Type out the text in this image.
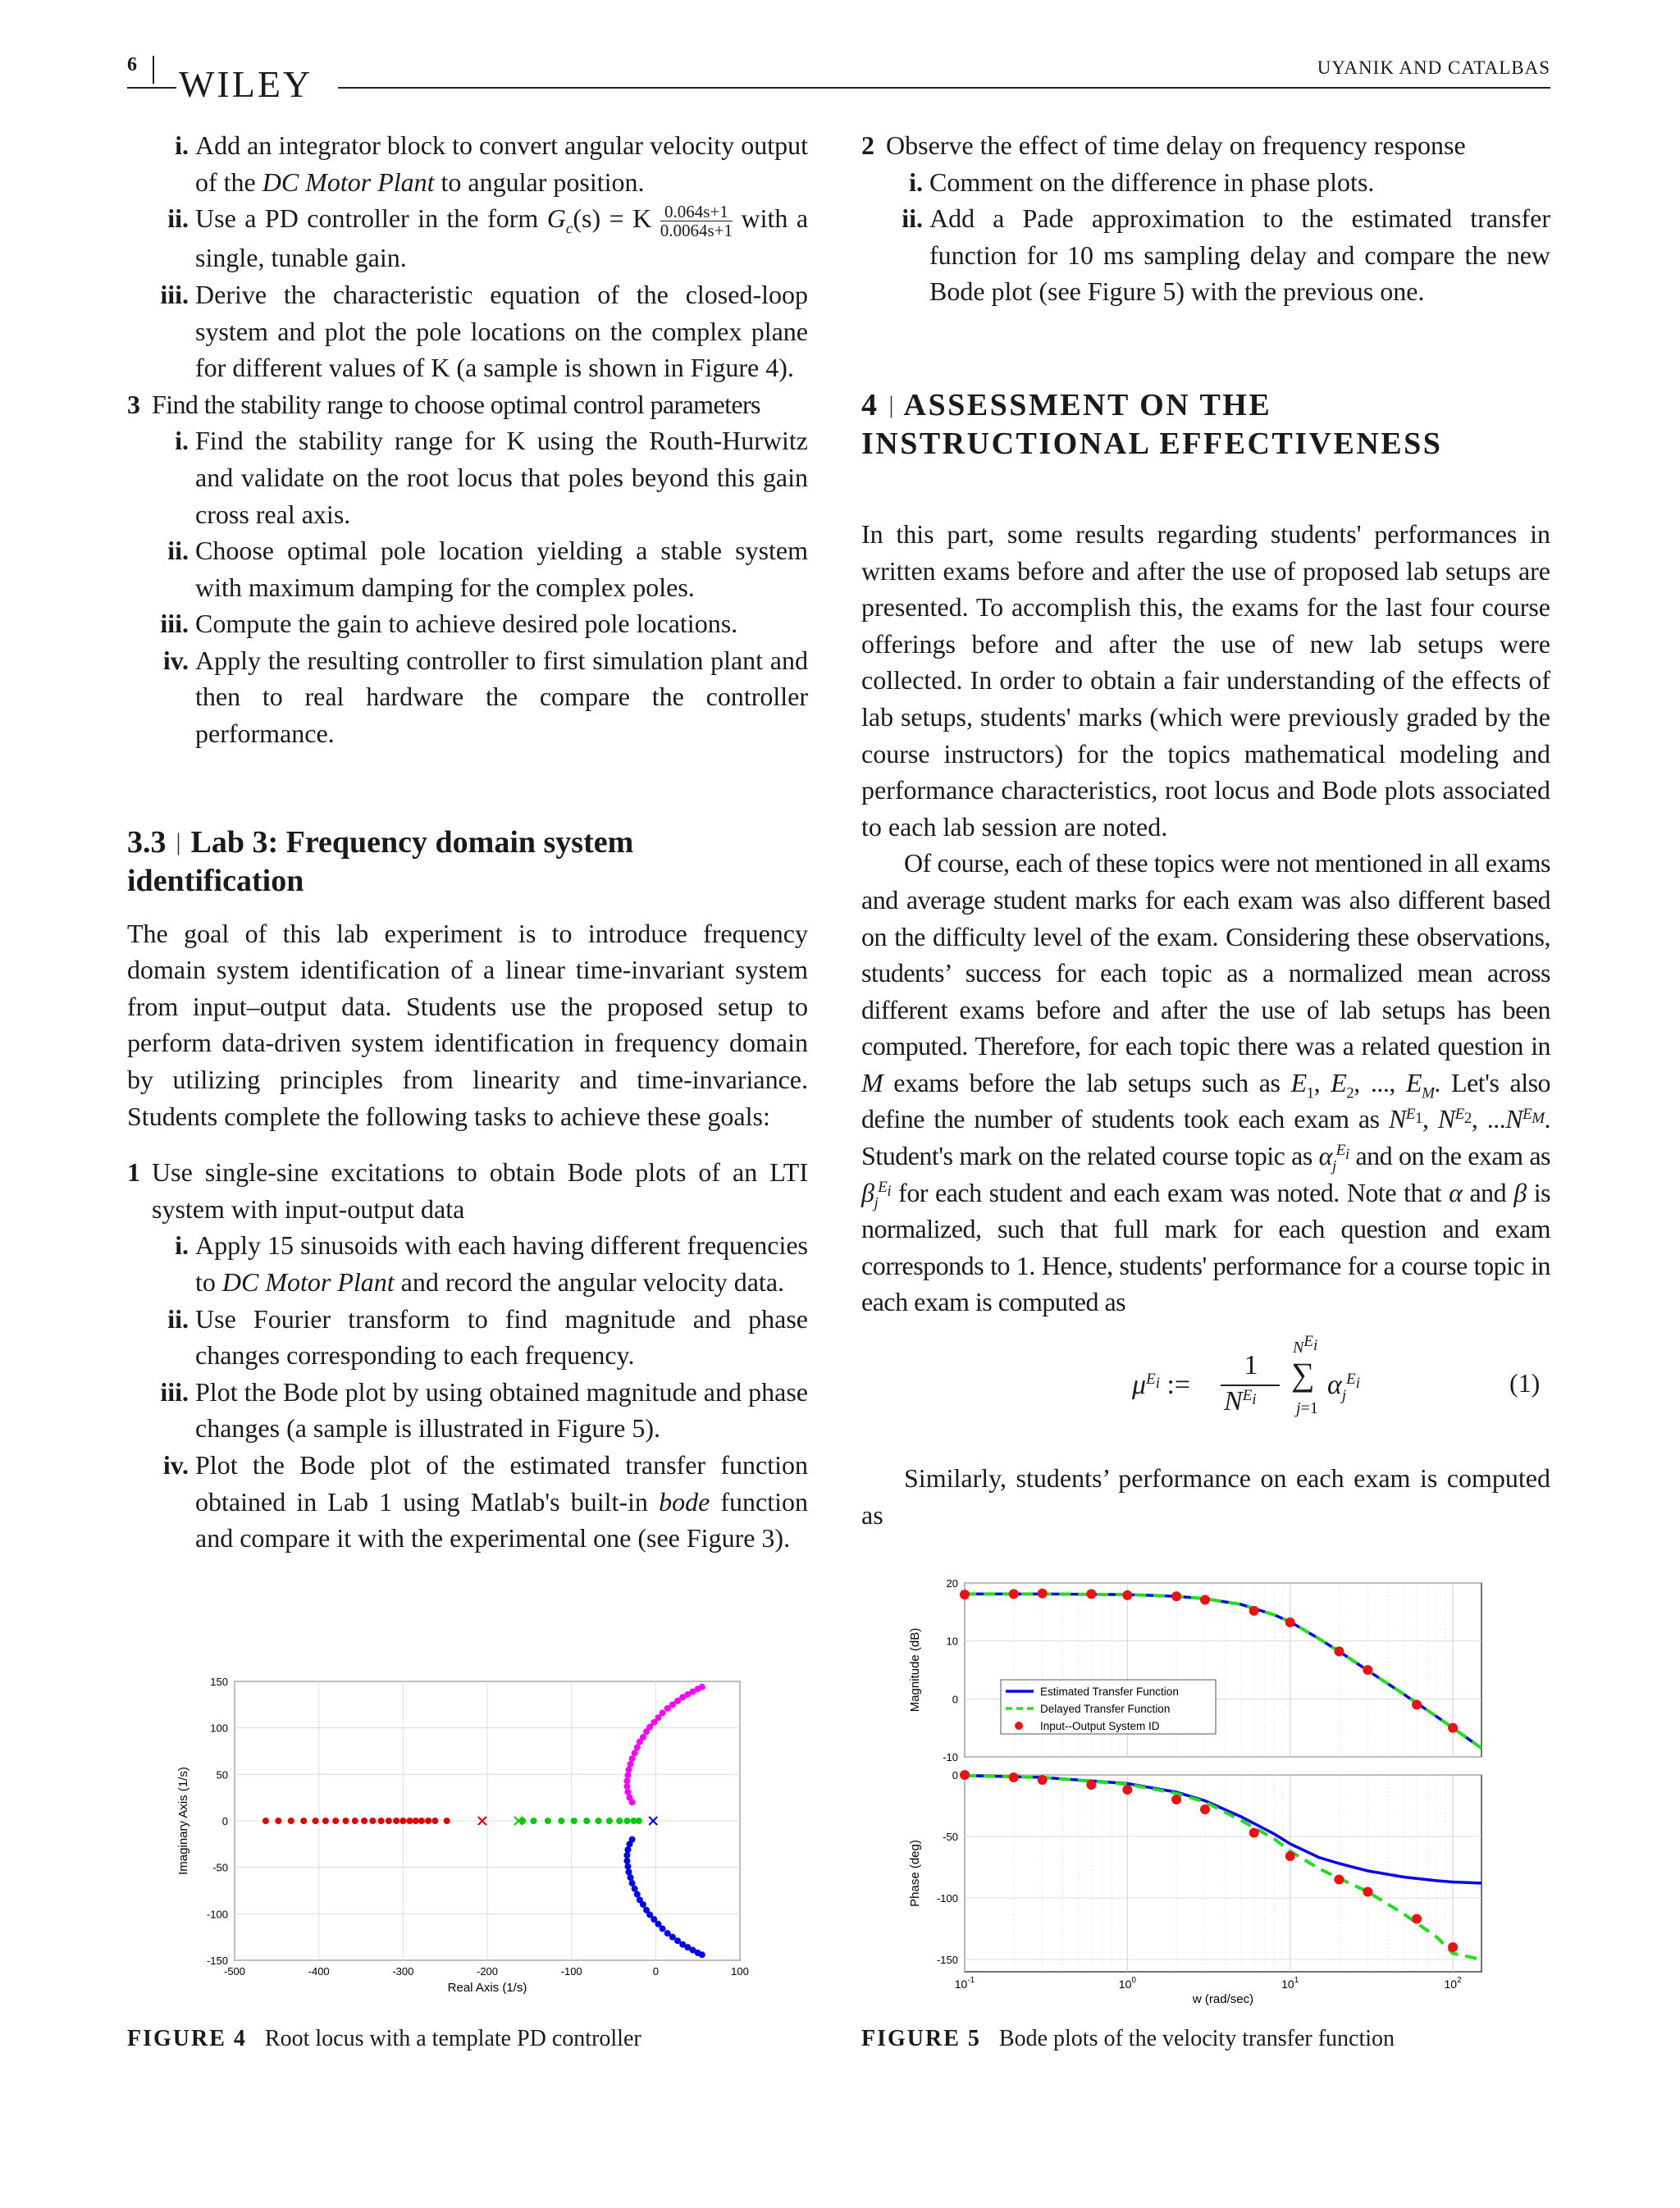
6 WILEY	UYANIK AND CATALBAS
i. Add an integrator block to convert angular velocity output of the DC Motor Plant to angular position.
ii. Use a PD controller in the form $G_c(s) = K \frac{0.064s+1}{0.0064s+1}$ with a single, tunable gain.
iii. Derive the characteristic equation of the closed-loop system and plot the pole locations on the complex plane for different values of K (a sample is shown in Figure 4).
3 Find the stability range to choose optimal control parameters
i. Find the stability range for K using the Routh-Hurwitz and validate on the root locus that poles beyond this gain cross real axis.
ii. Choose optimal pole location yielding a stable system with maximum damping for the complex poles.
iii. Compute the gain to achieve desired pole locations.
iv. Apply the resulting controller to first simulation plant and then to real hardware the compare the controller performance.
3.3 | Lab 3: Frequency domain system identification

The goal of this lab experiment is to introduce frequency domain system identification of a linear time-invariant system from input–output data. Students use the proposed setup to perform data-driven system identification in frequency domain by utilizing principles from linearity and time-invariance. Students complete the following tasks to achieve these goals:

1 Use single-sine excitations to obtain Bode plots of an LTI system with input-output data
i. Apply 15 sinusoids with each having different frequencies to DC Motor Plant and record the angular velocity data.
ii. Use Fourier transform to find magnitude and phase changes corresponding to each frequency.
iii. Plot the Bode plot by using obtained magnitude and phase changes (a sample is illustrated in Figure 5).
iv. Plot the Bode plot of the estimated transfer function obtained in Lab 1 using Matlab's built-in bode function and compare it with the experimental one (see Figure 3).
2 Observe the effect of time delay on frequency response
i. Comment on the difference in phase plots.
ii. Add a Pade approximation to the estimated transfer function for 10 ms sampling delay and compare the new Bode plot (see Figure 5) with the previous one.
4 | ASSESSMENT ON THE
INSTRUCTIONAL EFFECTIVENESS

In this part, some results regarding students' performances in written exams before and after the use of proposed lab setups are presented. To accomplish this, the exams for the last four course offerings before and after the use of new lab setups were collected. In order to obtain a fair understanding of the effects of lab setups, students' marks (which were previously graded by the course instructors) for the topics mathematical modeling and performance characteristics, root locus and Bode plots associated to each lab session are noted.

Of course, each of these topics were not mentioned in all exams and average student marks for each exam was also different based on the difficulty level of the exam. Considering these observations, students’ success for each topic as a normalized mean across different exams before and after the use of lab setups has been computed. Therefore, for each topic there was a related question in M exams before the lab setups such as $E_1$, $E_2$, ..., $E_M$. Let's also define the number of students took each exam as $N^{E_1}$, $N^{E_2}$, $...N^{E_M}$. Student's mark on the related course topic as $\alpha_j^{E_i}$ and on the exam as $\beta_j^{E_i}$ for each student and each exam was noted. Note that α and β is normalized, such that full mark for each question and exam corresponds to 1. Hence, students' performance for a course topic in each exam is computed as

$\mu^{E_i}$ :=
1
$N^{E_i}$
$N^{E_i}$
∑
j=1
$\alpha_j^{E_i}$	(1)

Similarly, students’ performance on each exam is computed as

-500	-400	-300	-200	-100	0	100
-150
-100
-50
0
50
100
150
Real Axis (1/s)
Imaginary Axis (1/s)
FIGURE 4 Root locus with a template PD controller
-10
0
10
20
-150
-100
-50
0
$10^{-1}$	$10^0$	$10^1$	$10^2$
Estimated Transfer Function
Delayed Transfer Function
Input--Output System ID
Magnitude (dB)
Phase (deg)
w (rad/sec)
FIGURE 5 Bode plots of the velocity transfer function
